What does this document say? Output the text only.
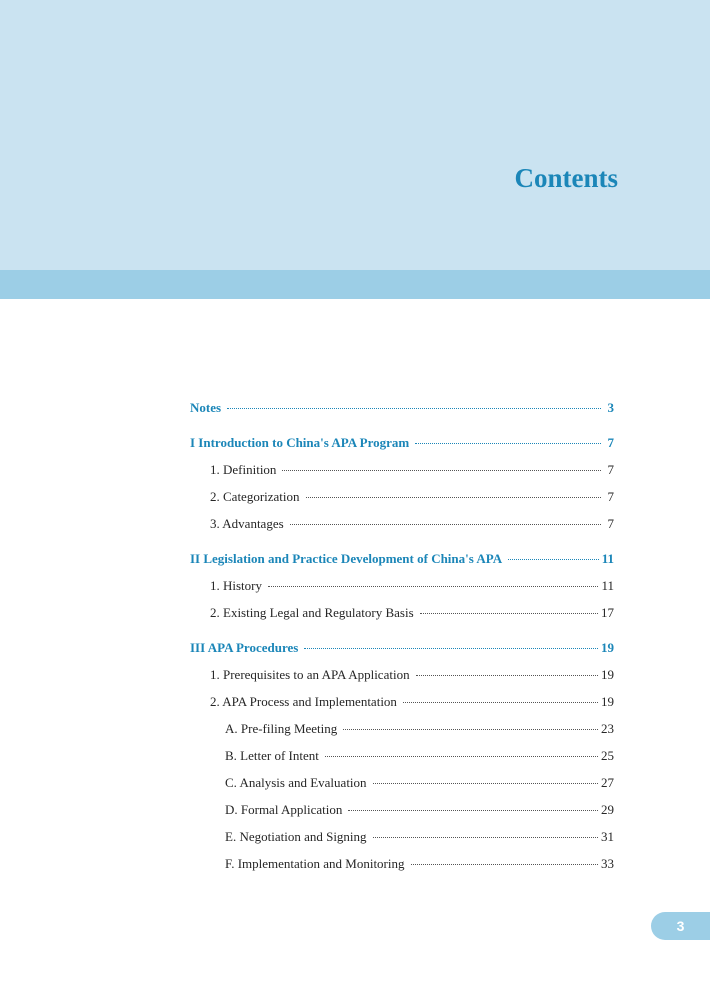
Contents
Notes	3
I Introduction to China's APA Program	7
1. Definition	7
2. Categorization	7
3. Advantages	7
II Legislation and Practice Development of China's APA	11
1. History	11
2. Existing Legal and Regulatory Basis	17
III APA Procedures	19
1. Prerequisites to an APA Application	19
2. APA Process and Implementation	19
A. Pre-filing Meeting	23
B. Letter of Intent	25
C. Analysis and Evaluation	27
D. Formal Application	29
E. Negotiation and Signing	31
F. Implementation and Monitoring	33
3
